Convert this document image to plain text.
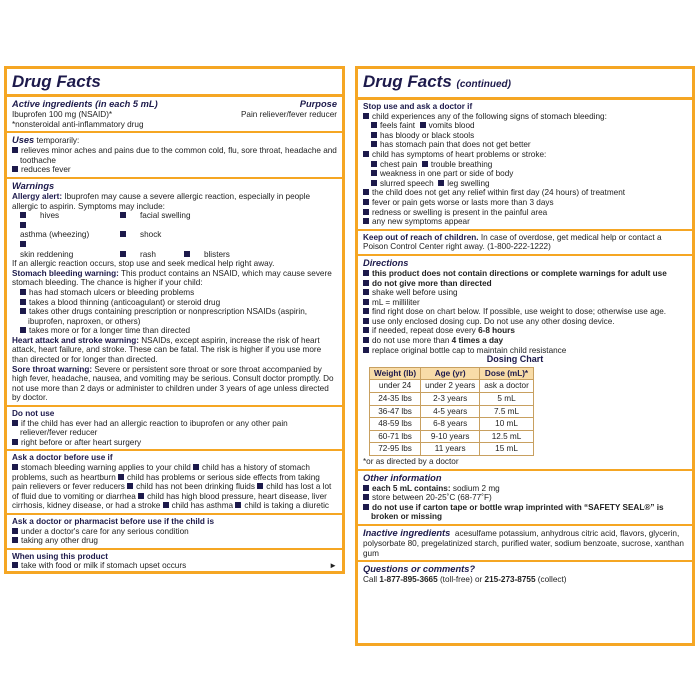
Drug Facts
Active ingredients (in each 5 mL)	Purpose
Ibuprofen 100 mg (NSAID)*	Pain reliever/fever reducer
*nonsteroidal anti-inflammatory drug
Uses temporarily:
relieves minor aches and pains due to the common cold, flu, sore throat, headache and toothache
reduces fever
Warnings
Allergy alert: Ibuprofen may cause a severe allergic reaction, especially in people allergic to aspirin. Symptoms may include:
hives	facial swelling
asthma (wheezing)	shock
skin reddening	rash	blisters
If an allergic reaction occurs, stop use and seek medical help right away.
Stomach bleeding warning: This product contains an NSAID, which may cause severe stomach bleeding. The chance is higher if your child:
has had stomach ulcers or bleeding problems
takes a blood thinning (anticoagulant) or steroid drug
takes other drugs containing prescription or nonprescription NSAIDs (aspirin, ibuprofen, naproxen, or others)
takes more or for a longer time than directed
Heart attack and stroke warning: NSAIDs, except aspirin, increase the risk of heart attack, heart failure, and stroke. These can be fatal. The risk is higher if you use more than directed or for longer than directed.
Sore throat warning: Severe or persistent sore throat or sore throat accompanied by high fever, headache, nausea, and vomiting may be serious. Consult doctor promptly. Do not use more than 2 days or administer to children under 3 years of age unless directed by doctor.
Do not use
if the child has ever had an allergic reaction to ibuprofen or any other pain reliever/fever reducer
right before or after heart surgery
Ask a doctor before use if
stomach bleeding warning applies to your child child has a history of stomach problems, such as heartburn child has problems or serious side effects from taking pain relievers or fever reducers child has not been drinking fluids child has lost a lot of fluid due to vomiting or diarrhea child has high blood pressure, heart disease, liver cirrhosis, kidney disease, or had a stroke child has asthma child is taking a diuretic
Ask a doctor or pharmacist before use if the child is
under a doctor's care for any serious condition
taking any other drug
When using this product
take with food or milk if stomach upset occurs	►
Drug Facts (continued)
Stop use and ask a doctor if
child experiences any of the following signs of stomach bleeding:
feels faint vomits blood
has bloody or black stools
has stomach pain that does not get better
child has symptoms of heart problems or stroke:
chest pain trouble breathing
weakness in one part or side of body
slurred speech leg swelling
the child does not get any relief within first day (24 hours) of treatment
fever or pain gets worse or lasts more than 3 days
redness or swelling is present in the painful area
any new symptoms appear
Keep out of reach of children. In case of overdose, get medical help or contact a Poison Control Center right away. (1-800-222-1222)
Directions
this product does not contain directions or complete warnings for adult use
do not give more than directed
shake well before using
mL = milliliter
find right dose on chart below. If possible, use weight to dose; otherwise use age.
use only enclosed dosing cup. Do not use any other dosing device.
if needed, repeat dose every 6-8 hours
do not use more than 4 times a day
replace original bottle cap to maintain child resistance
Dosing Chart
Weight (lb)	Age (yr)	Dose (mL)*
under 24	under 2 years	ask a doctor
24-35 lbs	2-3 years	5 mL
36-47 lbs	4-5 years	7.5 mL
48-59 lbs	6-8 years	10 mL
60-71 lbs	9-10 years	12.5 mL
72-95 lbs	11 years	15 mL
*or as directed by a doctor
Other information
each 5 mL contains: sodium 2 mg
store between 20-25˚C (68-77˚F)
do not use if carton tape or bottle wrap imprinted with “SAFETY SEAL®” is broken or missing
Inactive ingredients acesulfame potassium, anhydrous citric acid, flavors, glycerin, polysorbate 80, pregelatinized starch, purified water, sodium benzoate, sucrose, xanthan gum
Questions or comments?
Call 1-877-895-3665 (toll-free) or 215-273-8755 (collect)
